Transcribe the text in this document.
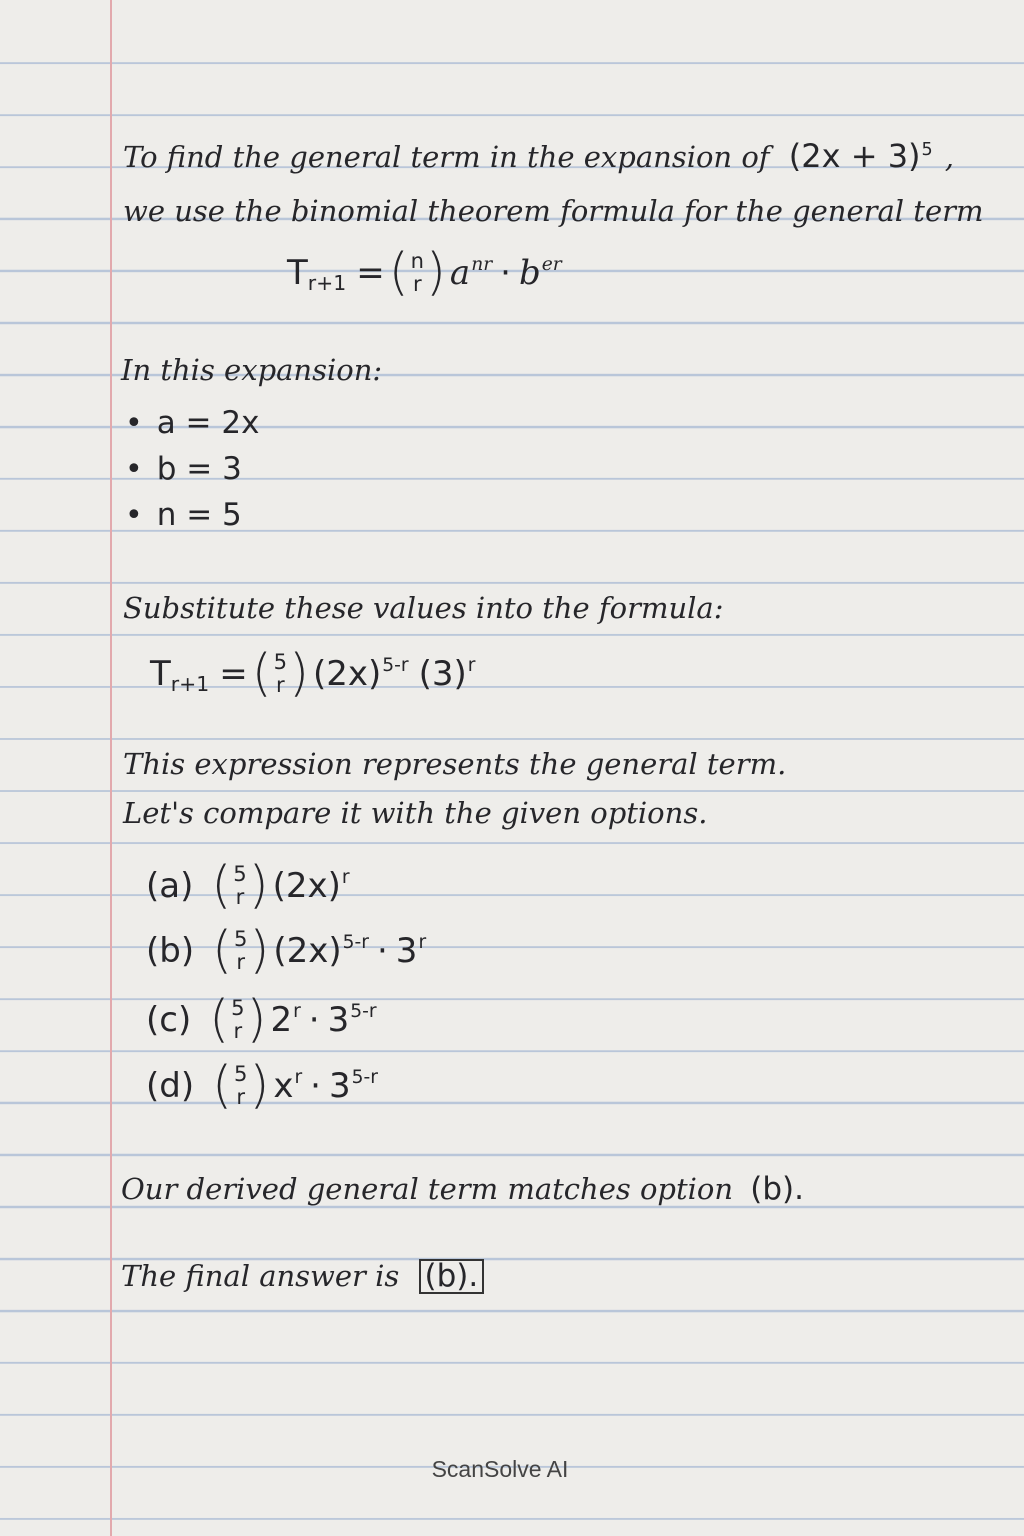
To find the general term in the expansion of $(2x + 3)^5$ ,
we use the binomial theorem formula for the general term
$T_{r+1}$ = ( n
r ) $a^{nr} \cdot b^{er}$
In this expansion:
• a = 2x
• b = 3
• n = 5
Substitute these values into the formula:
$T_{r+1}$ = ( 5
r ) $(2x)^{5-r}$ $(3)^r$
This expression represents the general term.
Let's compare it with the given options.
(a) ( 5
r ) $(2x)^r$
(b) ( 5
r ) $(2x)^{5-r} \cdot 3^r$
(c) ( 5
r ) $2^r \cdot 3^{5-r}$
(d) ( 5
r ) $x^r \cdot 3^{5-r}$
Our derived general term matches option (b).
The final answer is (b).
ScanSolve AI
